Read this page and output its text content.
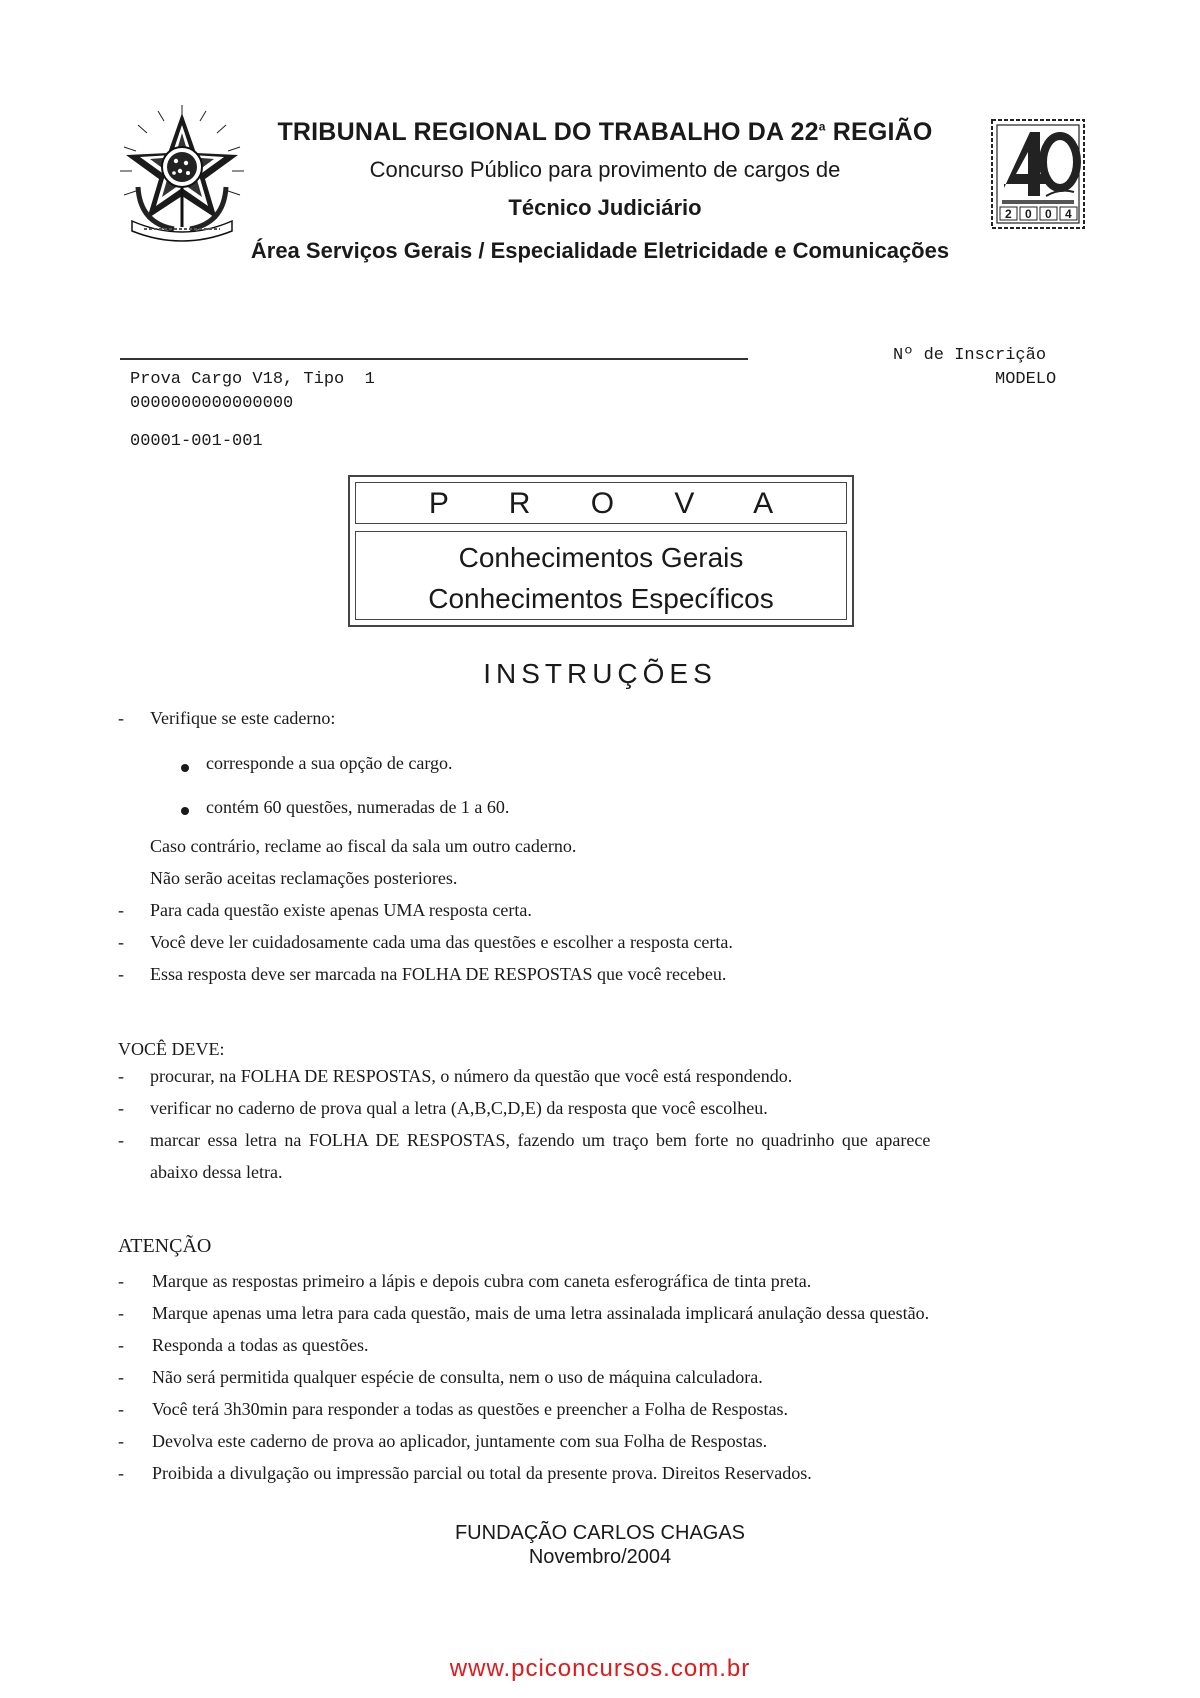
TRIBUNAL REGIONAL DO TRABALHO DA 22$^a$ REGIÃO

Concurso Público para provimento de cargos de
Técnico Judiciário
Área Serviços Gerais / Especialidade Eletricidade e Comunicações
2 0 0 4
Nº de Inscrição
Prova Cargo V18, Tipo  1	MODELO
0000000000000000
00001-001-001
P R O V A
Conhecimentos Gerais
Conhecimentos Específicos
INSTRUÇÕES
- Verifique se este caderno:
corresponde a sua opção de cargo.
contém 60 questões, numeradas de 1 a 60.
Caso contrário, reclame ao fiscal da sala um outro caderno.
Não serão aceitas reclamações posteriores.
- Para cada questão existe apenas UMA resposta certa.
- Você deve ler cuidadosamente cada uma das questões e escolher a resposta certa.
- Essa resposta deve ser marcada na FOLHA DE RESPOSTAS que você recebeu.
VOCÊ DEVE:
- procurar, na FOLHA DE RESPOSTAS, o número da questão que você está respondendo.
- verificar no caderno de prova qual a letra (A,B,C,D,E) da resposta que você escolheu.
- marcar essa letra na FOLHA DE RESPOSTAS, fazendo um traço bem forte no quadrinho que aparece
abaixo dessa letra.
ATENÇÃO
- Marque as respostas primeiro a lápis e depois cubra com caneta esferográfica de tinta preta.
- Marque apenas uma letra para cada questão, mais de uma letra assinalada implicará anulação dessa questão.
- Responda a todas as questões.
- Não será permitida qualquer espécie de consulta, nem o uso de máquina calculadora.
- Você terá 3h30min para responder a todas as questões e preencher a Folha de Respostas.
- Devolva este caderno de prova ao aplicador, juntamente com sua Folha de Respostas.
- Proibida a divulgação ou impressão parcial ou total da presente prova. Direitos Reservados.
FUNDAÇÃO CARLOS CHAGAS
Novembro/2004
www.pciconcursos.com.br
